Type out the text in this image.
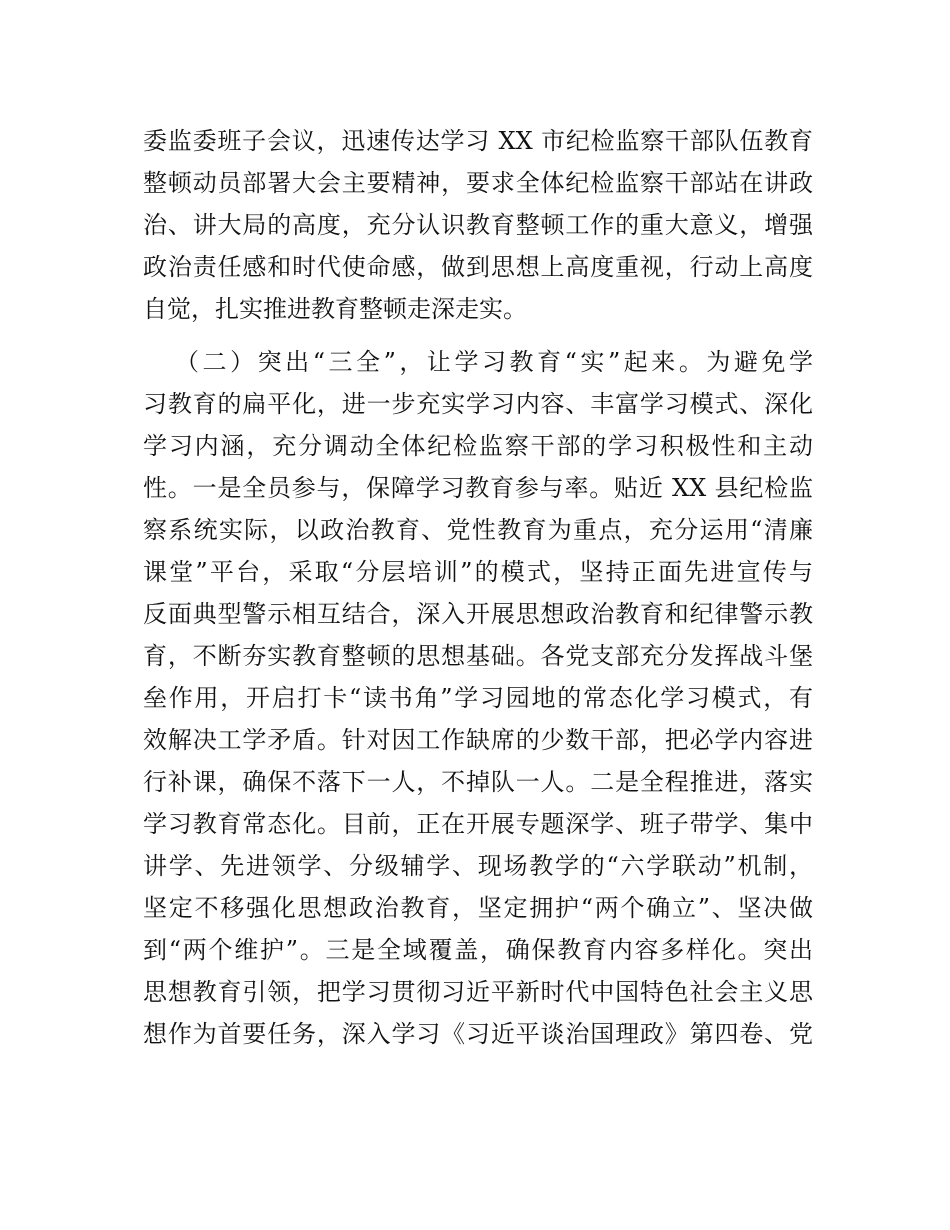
委监委班子会议，迅速传达学习 XX 市纪检监察干部队伍教育
整顿动员部署大会主要精神，要求全体纪检监察干部站在讲政
治、讲大局的高度，充分认识教育整顿工作的重大意义，增强
政治责任感和时代使命感，做到思想上高度重视，行动上高度
自觉，扎实推进教育整顿走深走实。
（二）突出“三全”，让学习教育“实”起来。为避免学
习教育的扁平化，进一步充实学习内容、丰富学习模式、深化
学习内涵，充分调动全体纪检监察干部的学习积极性和主动
性。一是全员参与，保障学习教育参与率。贴近 XX 县纪检监
察系统实际，以政治教育、党性教育为重点，充分运用“清廉
课堂”平台，采取“分层培训”的模式，坚持正面先进宣传与
反面典型警示相互结合，深入开展思想政治教育和纪律警示教
育，不断夯实教育整顿的思想基础。各党支部充分发挥战斗堡
垒作用，开启打卡“读书角”学习园地的常态化学习模式，有
效解决工学矛盾。针对因工作缺席的少数干部，把必学内容进
行补课，确保不落下一人，不掉队一人。二是全程推进，落实
学习教育常态化。目前，正在开展专题深学、班子带学、集中
讲学、先进领学、分级辅学、现场教学的“六学联动”机制，
坚定不移强化思想政治教育，坚定拥护“两个确立”、坚决做
到“两个维护”。三是全域覆盖，确保教育内容多样化。突出
思想教育引领，把学习贯彻习近平新时代中国特色社会主义思
想作为首要任务，深入学习《习近平谈治国理政》第四卷、党
